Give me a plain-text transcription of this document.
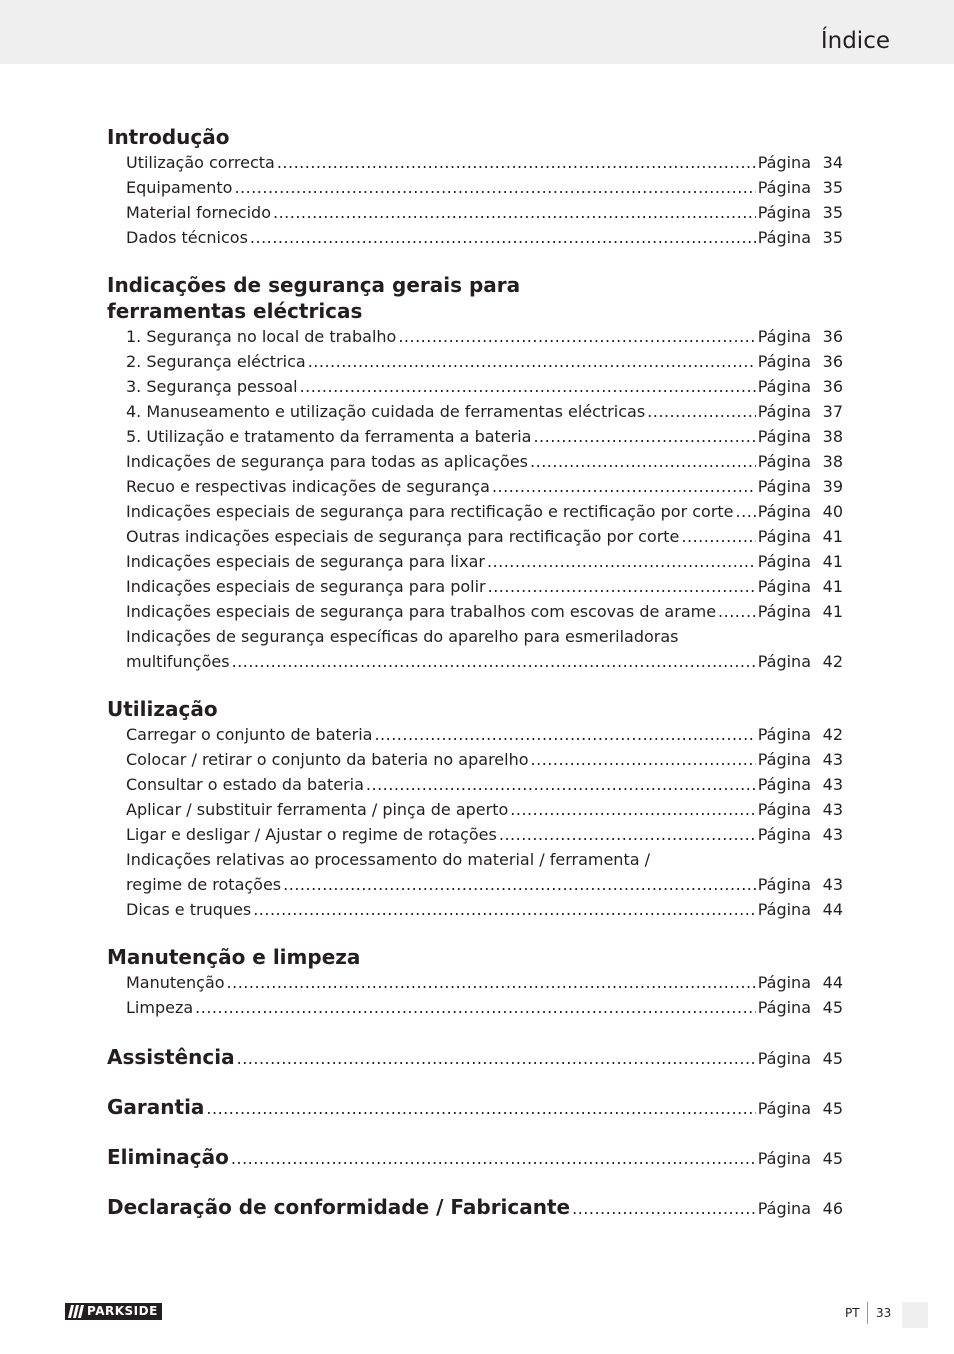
Índice
Introdução
Utilização correcta .....	Página 34
Equipamento .....	Página 35
Material fornecido .....	Página 35
Dados técnicos .....	Página 35
Indicações de segurança gerais para
ferramentas eléctricas
1. Segurança no local de trabalho .....	Página 36
2. Segurança eléctrica .....	Página 36
3. Segurança pessoal .....	Página 36
4. Manuseamento e utilização cuidada de ferramentas eléctricas .....	Página 37
5. Utilização e tratamento da ferramenta a bateria .....	Página 38
Indicações de segurança para todas as aplicações .....	Página 38
Recuo e respectivas indicações de segurança .....	Página 39
Indicações especiais de segurança para rectificação e rectificação por corte ..... Página 40
Outras indicações especiais de segurança para rectificação por corte .....	Página 41
Indicações especiais de segurança para lixar .....	Página 41
Indicações especiais de segurança para polir .....	Página 41
Indicações especiais de segurança para trabalhos com escovas de arame .....	Página 41
Indicações de segurança específicas do aparelho para esmeriladoras
multifunções .....	Página 42
Utilização
Carregar o conjunto de bateria .....	Página 42
Colocar / retirar o conjunto da bateria no aparelho .....	Página 43
Consultar o estado da bateria .....	Página 43
Aplicar / substituir ferramenta / pinça de aperto .....	Página 43
Ligar e desligar / Ajustar o regime de rotações .....	Página 43
Indicações relativas ao processamento do material / ferramenta /
regime de rotações .....	Página 43
Dicas e truques .....	Página 44
Manutenção e limpeza
Manutenção .....	Página 44
Limpeza .....	Página 45
Assistência .....	Página 45
Garantia .....	Página 45
Eliminação .....	Página 45
Declaração de conformidade / Fabricante .....	Página 46
PARKSIDE	PT 33
